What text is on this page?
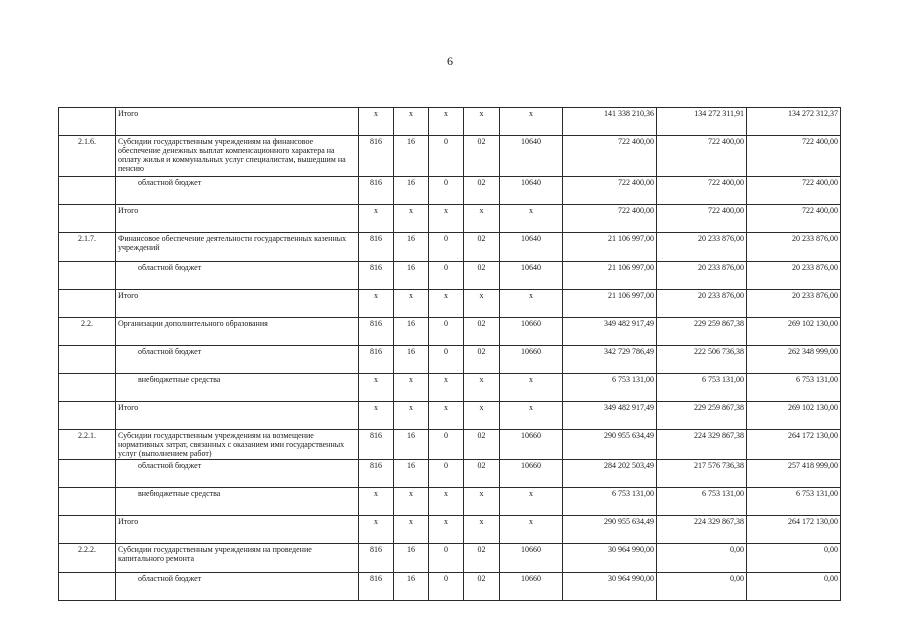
6
	Итого	x	x	x	x	x	141 338 210,36	134 272 311,91	134 272 312,37
2.1.6.	Субсидии государственным учреждениям на финансовое обеспечение денежных выплат компенсационного характера на оплату жилья и коммунальных услуг специалистам, вышедшим на пенсию	816	16	0	02	10640	722 400,00	722 400,00	722 400,00
	областной бюджет	816	16	0	02	10640	722 400,00	722 400,00	722 400,00
	Итого	x	x	x	x	x	722 400,00	722 400,00	722 400,00
2.1.7.	Финансовое обеспечение деятельности государственных казенных учреждений	816	16	0	02	10640	21 106 997,00	20 233 876,00	20 233 876,00
	областной бюджет	816	16	0	02	10640	21 106 997,00	20 233 876,00	20 233 876,00
	Итого	x	x	x	x	x	21 106 997,00	20 233 876,00	20 233 876,00
2.2.	Организации дополнительного образования	816	16	0	02	10660	349 482 917,49	229 259 867,38	269 102 130,00
	областной бюджет	816	16	0	02	10660	342 729 786,49	222 506 736,38	262 348 999,00
	внебюджетные средства	x	x	x	x	x	6 753 131,00	6 753 131,00	6 753 131,00
	Итого	x	x	x	x	x	349 482 917,49	229 259 867,38	269 102 130,00
2.2.1.	Субсидии государственным учреждениям на возмещение нормативных затрат, связанных с оказанием ими государственных услуг (выполнением работ)	816	16	0	02	10660	290 955 634,49	224 329 867,38	264 172 130,00
	областной бюджет	816	16	0	02	10660	284 202 503,49	217 576 736,38	257 418 999,00
	внебюджетные средства	x	x	x	x	x	6 753 131,00	6 753 131,00	6 753 131,00
	Итого	x	x	x	x	x	290 955 634,49	224 329 867,38	264 172 130,00
2.2.2.	Субсидии государственным учреждениям на проведение капитального ремонта	816	16	0	02	10660	30 964 990,00	0,00	0,00
	областной бюджет	816	16	0	02	10660	30 964 990,00	0,00	0,00
